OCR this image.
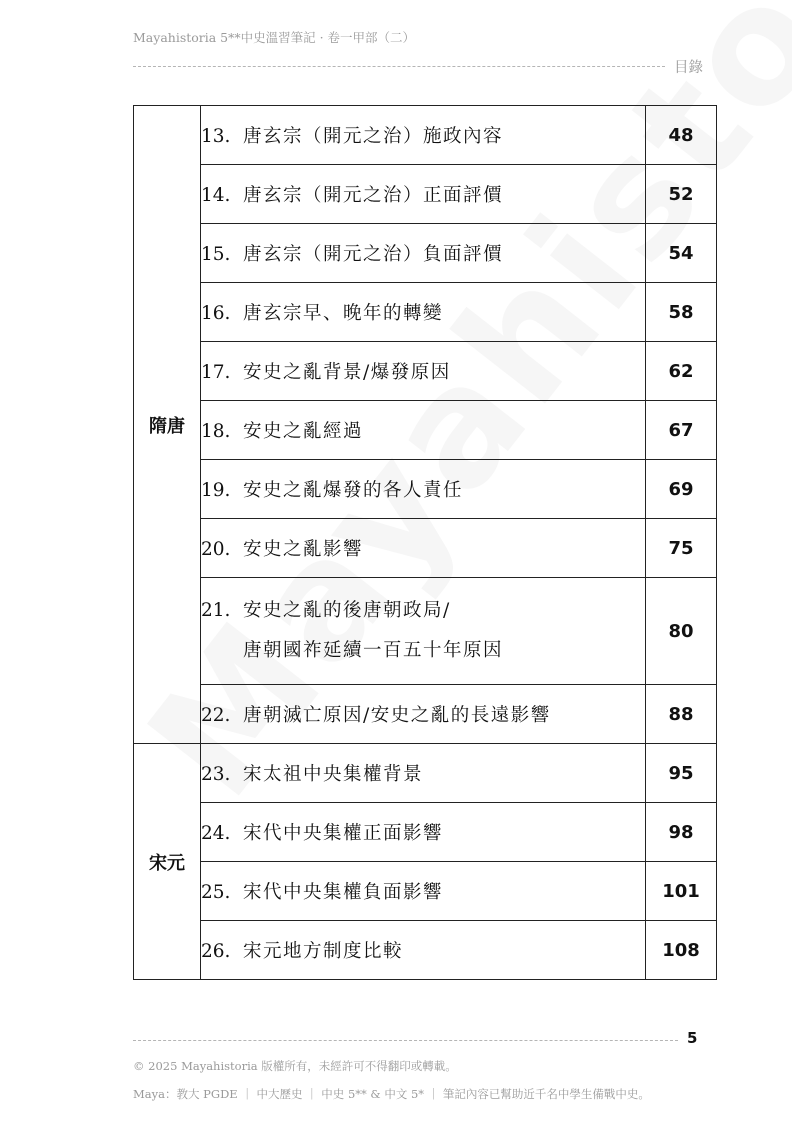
Mayahistoria 5**中史溫習筆記 · 卷一甲部（二）
目錄
隋唐	13. 唐玄宗（開元之治）施政內容	48

	14. 唐玄宗（開元之治）正面評價	52

	15. 唐玄宗（開元之治）負面評價	54

	16. 唐玄宗早、晚年的轉變	58

	17. 安史之亂背景/爆發原因	62

	18. 安史之亂經過	67

	19. 安史之亂爆發的各人責任	69

	20. 安史之亂影響	75

	21. 安史之亂的後唐朝政局/
唐朝國祚延續一百五十年原因	80

	22. 唐朝滅亡原因/安史之亂的長遠影響	88
宋元	23. 宋太祖中央集權背景	95

	24. 宋代中央集權正面影響	98

	25. 宋代中央集權負面影響	101

	26. 宋元地方制度比較	108
5
© 2025 Mayahistoria 版權所有，未經許可不得翻印或轉載。
Maya：教大 PGDE ｜ 中大歷史 ｜ 中史 5** & 中文 5* ｜ 筆記內容已幫助近千名中學生備戰中史。
